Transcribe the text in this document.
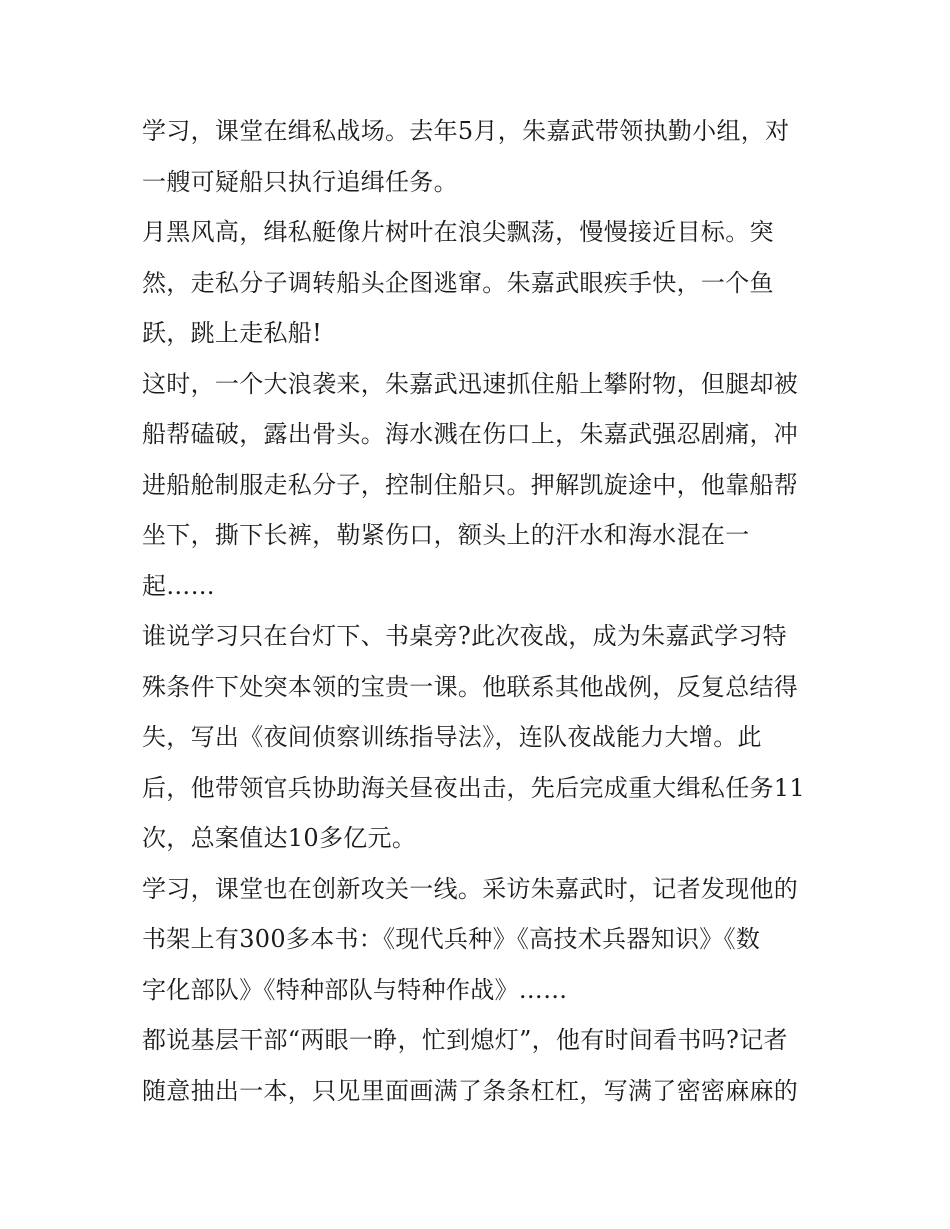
学习，课堂在缉私战场。去年5月，朱嘉武带领执勤小组，对
一艘可疑船只执行追缉任务。
月黑风高，缉私艇像片树叶在浪尖飘荡，慢慢接近目标。突
然，走私分子调转船头企图逃窜。朱嘉武眼疾手快，一个鱼
跃，跳上走私船!
这时，一个大浪袭来，朱嘉武迅速抓住船上攀附物，但腿却被
船帮磕破，露出骨头。海水溅在伤口上，朱嘉武强忍剧痛，冲
进船舱制服走私分子，控制住船只。押解凯旋途中，他靠船帮
坐下，撕下长裤，勒紧伤口，额头上的汗水和海水混在一
起……
谁说学习只在台灯下、书桌旁?此次夜战，成为朱嘉武学习特
殊条件下处突本领的宝贵一课。他联系其他战例，反复总结得
失，写出《夜间侦察训练指导法》，连队夜战能力大增。此
后，他带领官兵协助海关昼夜出击，先后完成重大缉私任务11
次，总案值达10多亿元。
学习，课堂也在创新攻关一线。采访朱嘉武时，记者发现他的
书架上有300多本书：《现代兵种》《高技术兵器知识》《数
字化部队》《特种部队与特种作战》……
都说基层干部“两眼一睁，忙到熄灯”，他有时间看书吗?记者
随意抽出一本，只见里面画满了条条杠杠，写满了密密麻麻的
